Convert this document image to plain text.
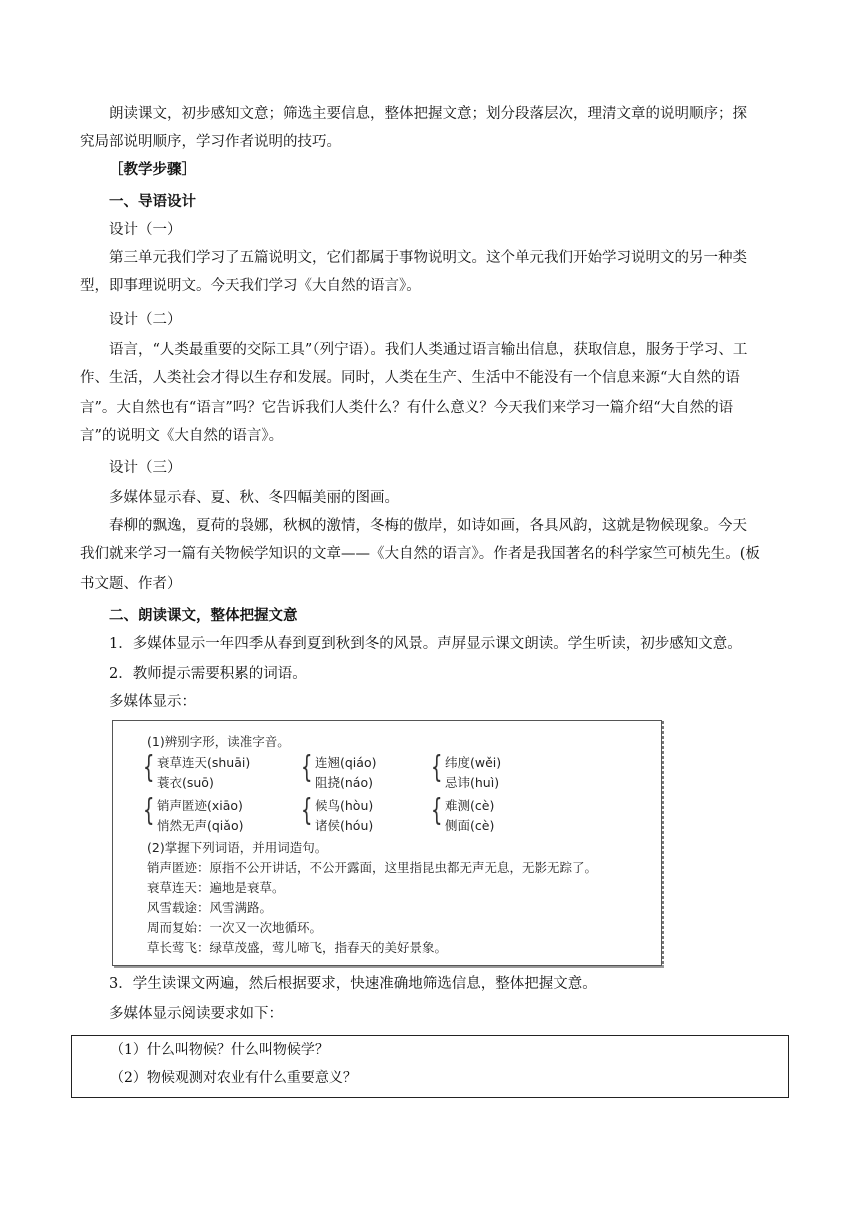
朗读课文，初步感知文意；筛选主要信息，整体把握文意；划分段落层次，理清文章的说明顺序；探
究局部说明顺序，学习作者说明的技巧。
［教学步骤］
一、导语设计
设计（一）
第三单元我们学习了五篇说明文，它们都属于事物说明文。这个单元我们开始学习说明文的另一种类
型，即事理说明文。今天我们学习《大自然的语言》。
设计（二）
语言，“人类最重要的交际工具”（列宁语）。我们人类通过语言输出信息，获取信息，服务于学习、工
作、生活，人类社会才得以生存和发展。同时，人类在生产、生活中不能没有一个信息来源“大自然的语
言”。大自然也有“语言”吗？它告诉我们人类什么？有什么意义？今天我们来学习一篇介绍“大自然的语
言”的说明文《大自然的语言》。
设计（三）
多媒体显示春、夏、秋、冬四幅美丽的图画。
春柳的飘逸，夏荷的袅娜，秋枫的激情，冬梅的傲岸，如诗如画，各具风韵，这就是物候现象。今天
我们就来学习一篇有关物候学知识的文章——《大自然的语言》。作者是我国著名的科学家竺可桢先生。(板
书文题、作者）
二、朗读课文，整体把握文意
1．多媒体显示一年四季从春到夏到秋到冬的风景。声屏显示课文朗读。学生听读，初步感知文意。
2．教师提示需要积累的词语。
多媒体显示：
(1)辨别字形，读准字音。
{ 衰草连天(shuāi)
蓑衣(suō)	{ 连翘(qiáo)
阻挠(náo) { 纬度(wěi)
忌讳(huì)
{ 销声匿迹(xiāo)
悄然无声(qiǎo) { 候鸟(hòu)
诸侯(hóu) { 难测(cè)
侧面(cè)
(2)掌握下列词语，并用词造句。
销声匿迹：原指不公开讲话，不公开露面，这里指昆虫都无声无息，无影无踪了。
衰草连天：遍地是衰草。
风雪载途：风雪满路。
周而复始：一次又一次地循环。
草长莺飞：绿草茂盛，莺儿啼飞，指春天的美好景象。
3．学生读课文两遍，然后根据要求，快速准确地筛选信息，整体把握文意。
多媒体显示阅读要求如下：
（1）什么叫物候？什么叫物候学？
（2）物候观测对农业有什么重要意义？
